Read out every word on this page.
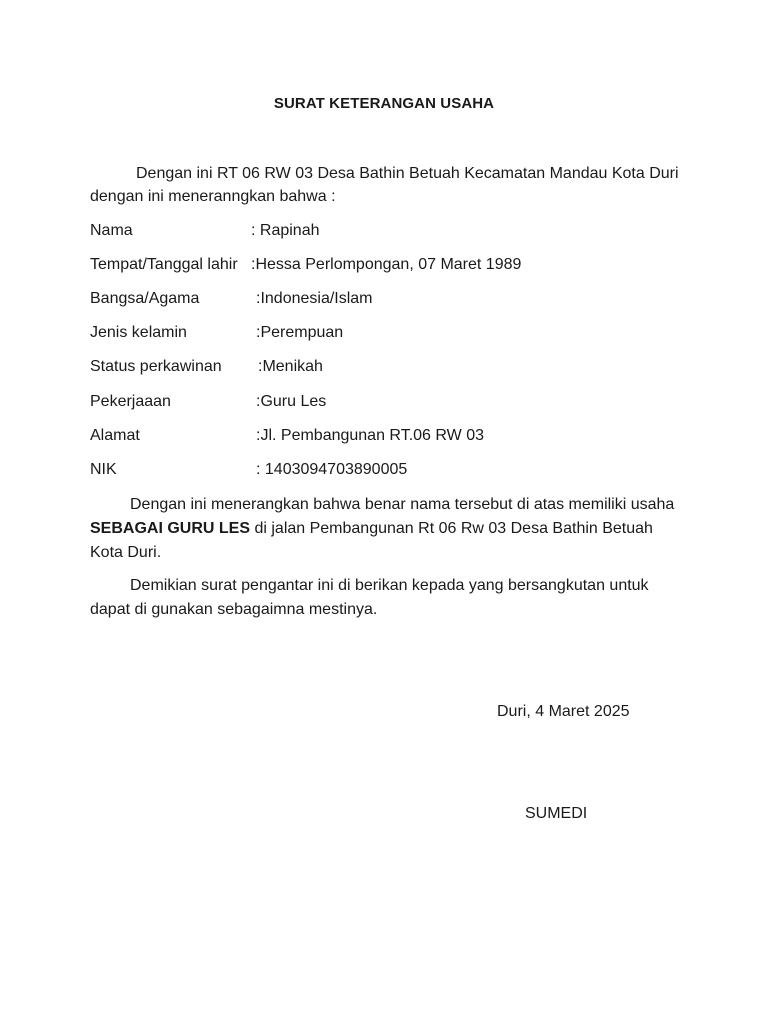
SURAT KETERANGAN USAHA

Dengan ini RT 06 RW 03 Desa Bathin Betuah Kecamatan Mandau Kota Duri dengan ini meneranngkan bahwa :

Nama	: Rapinah
Tempat/Tanggal lahir :Hessa Perlompongan, 07 Maret 1989
Bangsa/Agama	:Indonesia/Islam
Jenis kelamin	:Perempuan
Status perkawinan :Menikah
Pekerjaaan	:Guru Les
Alamat	:Jl. Pembangunan RT.06 RW 03
NIK	: 1403094703890005

Dengan ini menerangkan bahwa benar nama tersebut di atas memiliki usaha SEBAGAI GURU LES di jalan Pembangunan Rt 06 Rw 03 Desa Bathin Betuah Kota Duri.

Demikian surat pengantar ini di berikan kepada yang bersangkutan untuk dapat di gunakan sebagaimna mestinya.

Duri, 4 Maret 2025
SUMEDI
